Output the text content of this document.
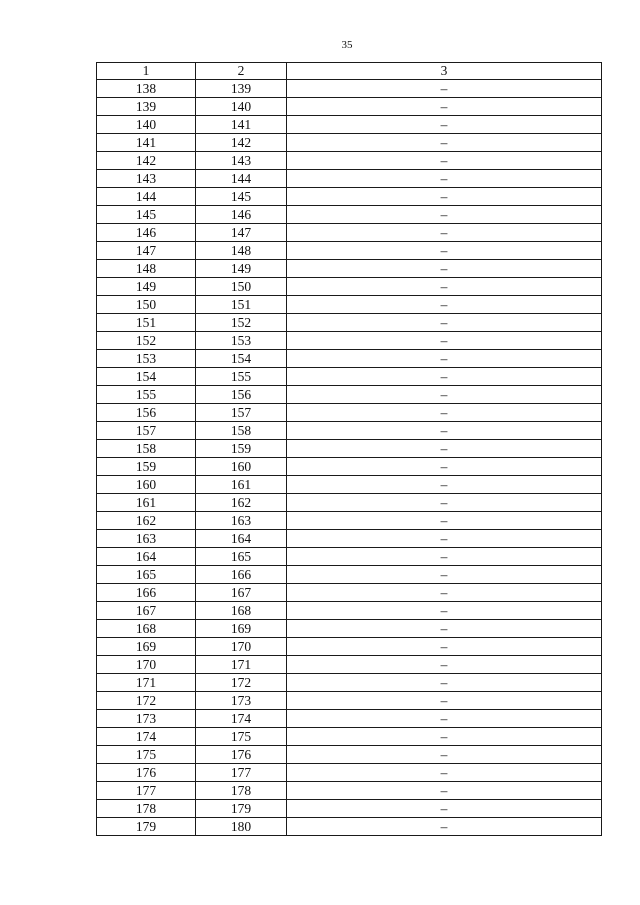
35
1	2	3
138	139	–
139	140	–
140	141	–
141	142	–
142	143	–
143	144	–
144	145	–
145	146	–
146	147	–
147	148	–
148	149	–
149	150	–
150	151	–
151	152	–
152	153	–
153	154	–
154	155	–
155	156	–
156	157	–
157	158	–
158	159	–
159	160	–
160	161	–
161	162	–
162	163	–
163	164	–
164	165	–
165	166	–
166	167	–
167	168	–
168	169	–
169	170	–
170	171	–
171	172	–
172	173	–
173	174	–
174	175	–
175	176	–
176	177	–
177	178	–
178	179	–
179	180	–
